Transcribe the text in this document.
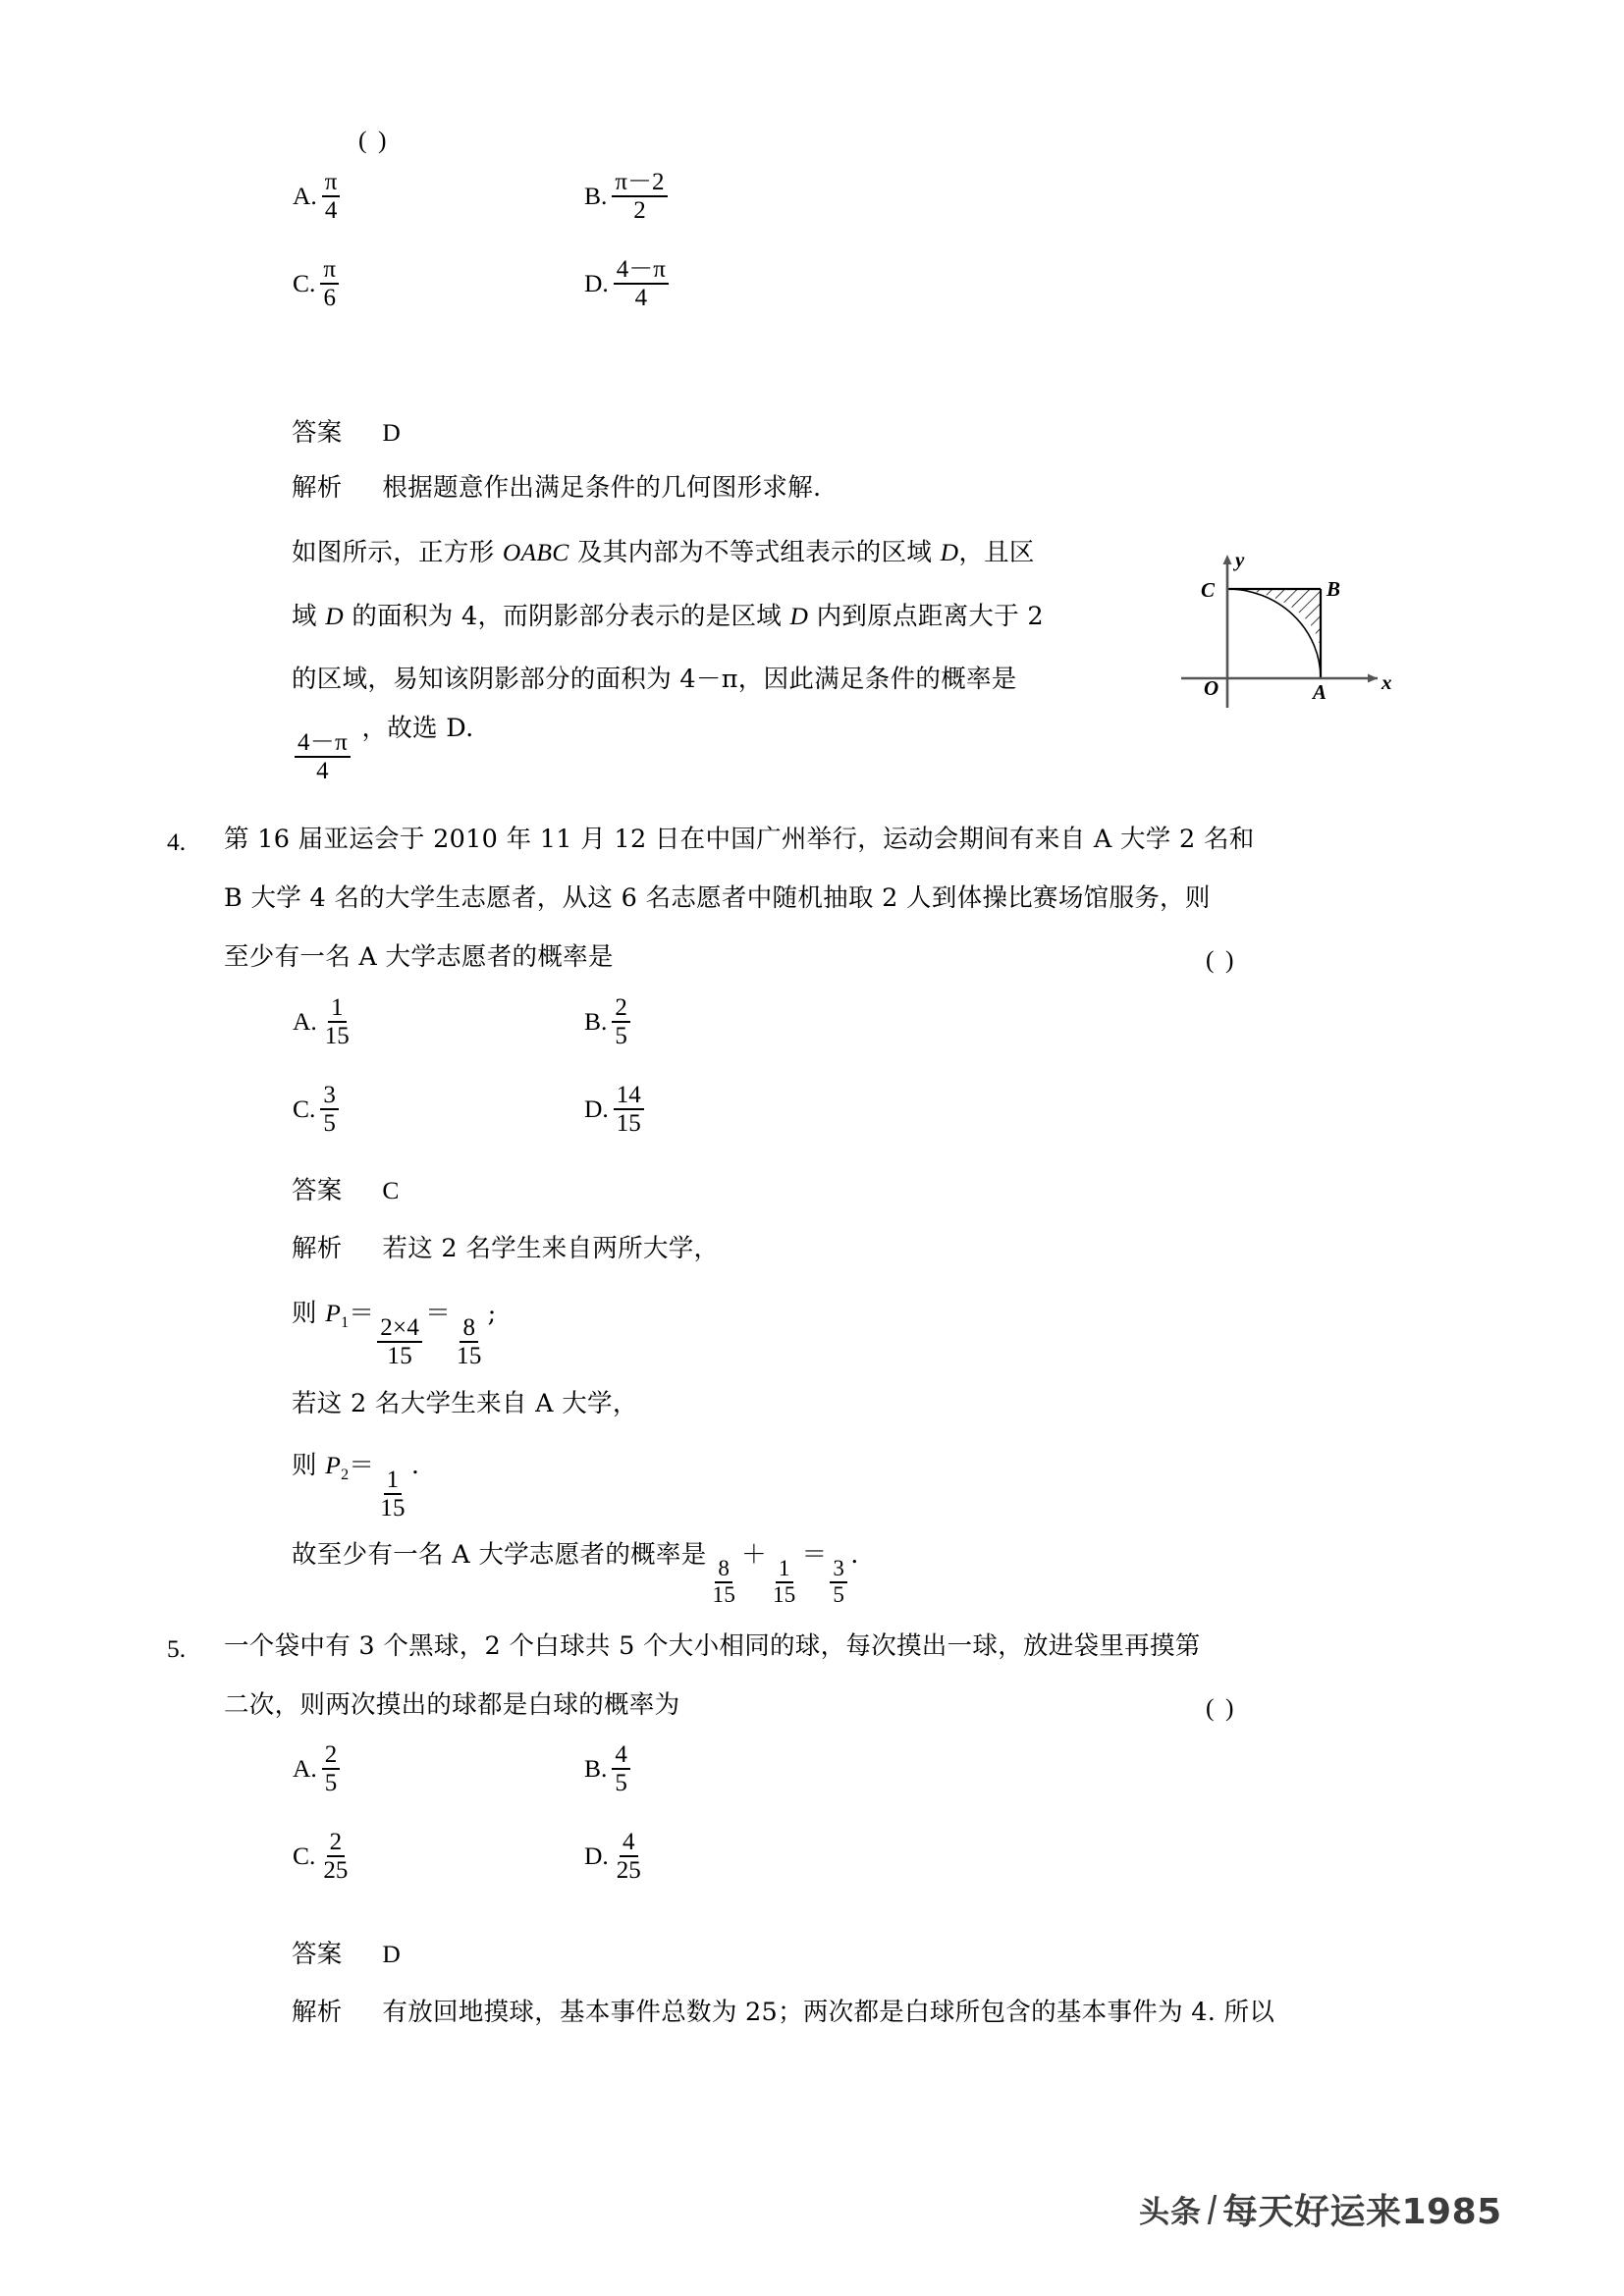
( )
A. $\frac{\pi}{4}$	B. $\frac{\pi-2}{2}$
C. $\frac{\pi}{6}$	D. $\frac{4-\pi}{4}$
答案 D
解析 根据题意作出满足条件的几何图形求解.
如图所示，正方形 OABC 及其内部为不等式组表示的区域 D，且区
域 D 的面积为 4，而阴影部分表示的是区域 D 内到原点距离大于 2
的区域，易知该阴影部分的面积为 4－π，因此满足条件的概率是
$\frac{4-\pi}{4}$
，故选 D.
y
x
O	A
B
C
4. 第 16 届亚运会于 2010 年 11 月 12 日在中国广州举行，运动会期间有来自 A 大学 2 名和
B 大学 4 名的大学生志愿者，从这 6 名志愿者中随机抽取 2 人到体操比赛场馆服务，则
至少有一名 A 大学志愿者的概率是	( )
A. $\frac{1}{15}$	B. $\frac{2}{5}$
C. $\frac{3}{5}$	D. $\frac{14}{15}$
答案 C
解析 若这 2 名学生来自两所大学，
则 $P_1=$
$\frac{2\times 4}{15}$
＝
$\frac{8}{15}$
;
若这 2 名大学生来自 A 大学，
则 $P_2=$
$\frac{1}{15}$
.
故至少有一名 A 大学志愿者的概率是
$\frac{8}{15}$
＋
$\frac{1}{15}$
＝
$\frac{3}{5}$
.
5. 一个袋中有 3 个黑球，2 个白球共 5 个大小相同的球，每次摸出一球，放进袋里再摸第
二次，则两次摸出的球都是白球的概率为	( )
A. $\frac{2}{5}$	B. $\frac{4}{5}$
C. $\frac{2}{25}$	D. $\frac{4}{25}$
答案 D
解析 有放回地摸球，基本事件总数为 25；两次都是白球所包含的基本事件为 4. 所以
头条 每天好运来1985
